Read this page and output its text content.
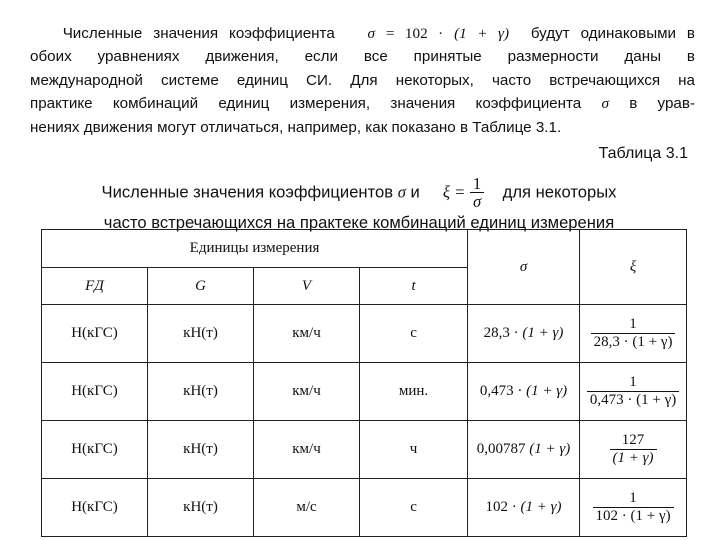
Численные значения коэффициента σ = 102 · (1 + γ) будут одинаковыми в
обоих уравнениях движения, если все принятые размерности даны в
международной системе единиц СИ. Для некоторых, часто встречающихся на
практике комбинаций единиц измерения, значения коэффициента σ в урав-
нениях движения могут отличаться, например, как показано в Таблице 3.1.
Таблица 3.1
Численные значения коэффициентов σ и $\xi = \frac{1}{\sigma}$ для некоторых
часто встречающихся на практеке комбинаций единиц измерения
Единицы измерения				σ	ξ
FД	G	V	t		
Н(кГС)	кН(т)	км/ч	с	28,3 · (1 + γ)	$\frac{1}{28,3 \cdot (1 + \gamma)}$

Н(кГС)	кН(т)	км/ч	мин.	0,473 · (1 + γ)	$\frac{1}{0,473 \cdot (1 + \gamma)}$

Н(кГС)	кН(т)	км/ч	ч	0,00787 (1 + γ)	$\frac{127}{(1 + \gamma)}$

Н(кГС)	кН(т)	м/с	с	102 · (1 + γ)	$\frac{1}{102 \cdot (1 + \gamma)}$
